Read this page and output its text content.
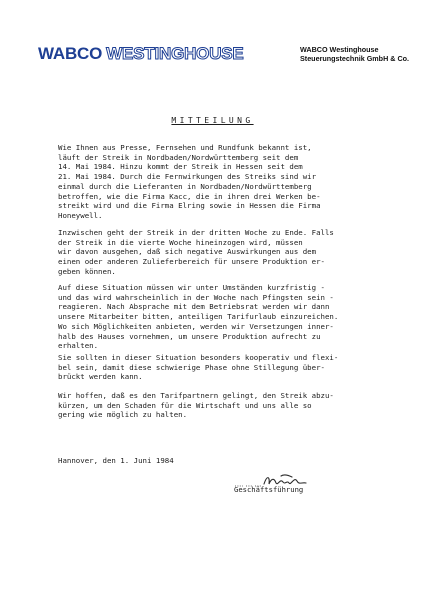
WABCO WESTINGHOUSE	WABCO Westinghouse
Steuerungstechnik GmbH & Co.
MITTEILUNG
Wie Ihnen aus Presse, Fernsehen und Rundfunk bekannt ist,
läuft der Streik in Nordbaden/Nordwürttemberg seit dem
14. Mai 1984. Hinzu kommt der Streik in Hessen seit dem
21. Mai 1984. Durch die Fernwirkungen des Streiks sind wir
einmal durch die Lieferanten in Nordbaden/Nordwürttemberg
betroffen, wie die Firma Kacc, die in ihren drei Werken be-
streikt wird und die Firma Elring sowie in Hessen die Firma
Honeywell.
Inzwischen geht der Streik in der dritten Woche zu Ende. Falls
der Streik in die vierte Woche hineinzogen wird, müssen
wir davon ausgehen, daß sich negative Auswirkungen aus dem
einen oder anderen Zulieferbereich für unsere Produktion er-
geben können.
Auf diese Situation müssen wir unter Umständen kurzfristig -
und das wird wahrscheinlich in der Woche nach Pfingsten sein -
reagieren. Nach Absprache mit dem Betriebsrat werden wir dann
unsere Mitarbeiter bitten, anteiligen Tarifurlaub einzureichen.
Wo sich Möglichkeiten anbieten, werden wir Versetzungen inner-
halb des Hauses vornehmen, um unsere Produktion aufrecht zu
erhalten.
Sie sollten in dieser Situation besonders kooperativ und flexi-
bel sein, damit diese schwierige Phase ohne Stillegung über-
brückt werden kann.
Wir hoffen, daß es den Tarifpartnern gelingt, den Streik abzu-
kürzen, um den Schaden für die Wirtschaft und uns alle so
gering wie möglich zu halten.
Hannover, den 1. Juni 1984
Geschäftsführung
